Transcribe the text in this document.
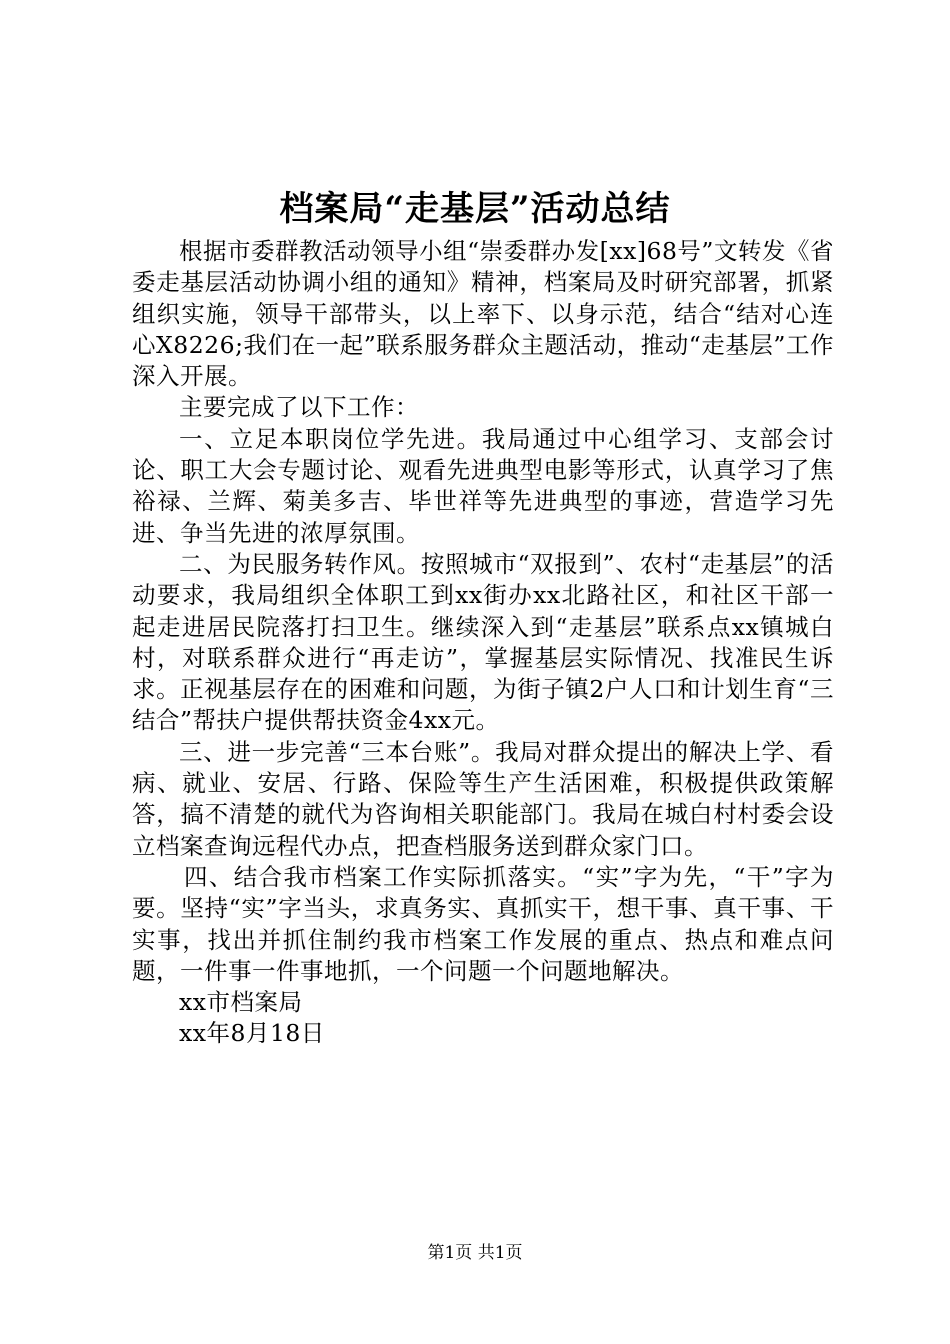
档案局“走基层”活动总结

根据市委群教活动领导小组“崇委群办发[xx]68号”文转发《省委走基层活动协调小组的通知》精神，档案局及时研究部署，抓紧组织实施，领导干部带头，以上率下、以身示范，结合“结对心连心X8226;我们在一起”联系服务群众主题活动，推动“走基层”工作深入开展。

主要完成了以下工作：

一、立足本职岗位学先进。我局通过中心组学习、支部会讨论、职工大会专题讨论、观看先进典型电影等形式，认真学习了焦裕禄、兰辉、菊美多吉、毕世祥等先进典型的事迹，营造学习先进、争当先进的浓厚氛围。

二、为民服务转作风。按照城市“双报到”、农村“走基层”的活动要求，我局组织全体职工到xx街办xx北路社区，和社区干部一起走进居民院落打扫卫生。继续深入到“走基层”联系点xx镇城白村，对联系群众进行“再走访”，掌握基层实际情况、找准民生诉求。正视基层存在的困难和问题，为街子镇2户人口和计划生育“三结合”帮扶户提供帮扶资金4xx元。

三、进一步完善“三本台账”。我局对群众提出的解决上学、看病、就业、安居、行路、保险等生产生活困难，积极提供政策解答，搞不清楚的就代为咨询相关职能部门。我局在城白村村委会设立档案查询远程代办点，把查档服务送到群众家门口。

四、结合我市档案工作实际抓落实。“实”字为先，“干”字为要。坚持“实”字当头，求真务实、真抓实干，想干事、真干事、干实事，找出并抓住制约我市档案工作发展的重点、热点和难点问题，一件事一件事地抓，一个问题一个问题地解决。

xx市档案局

xx年8月18日

第1页 共1页
